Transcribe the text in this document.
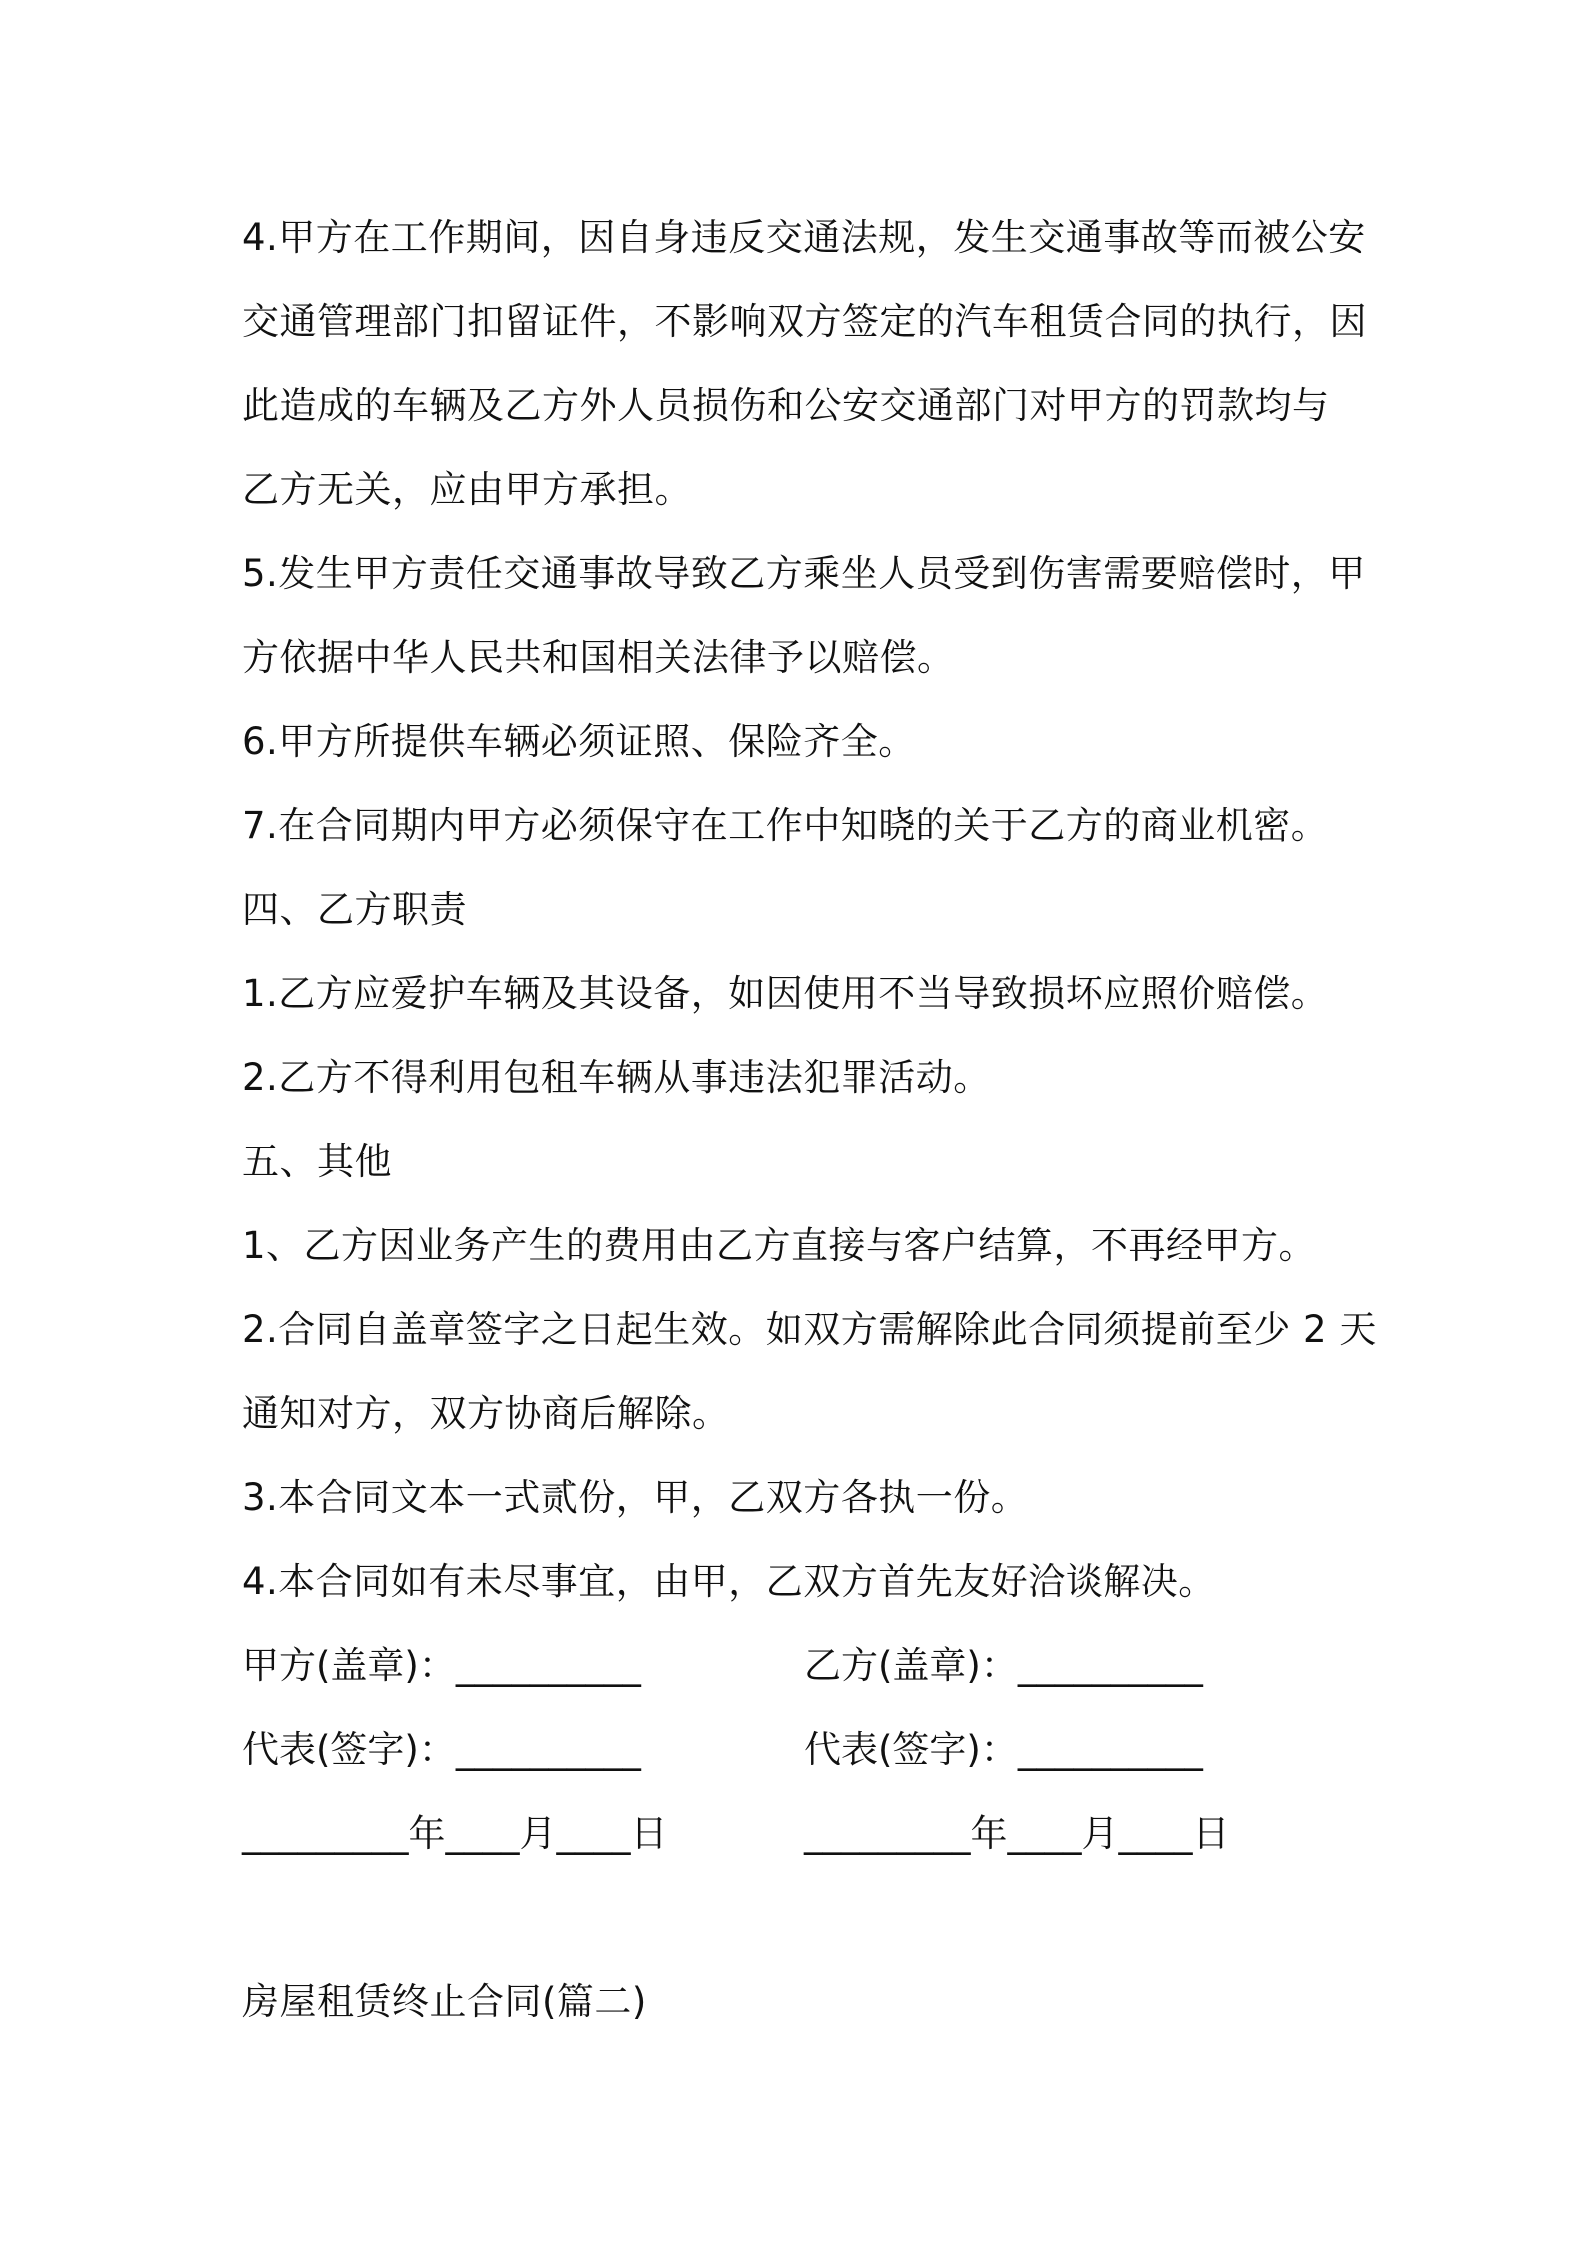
4.甲方在工作期间，因自身违反交通法规，发生交通事故等而被公安
交通管理部门扣留证件，不影响双方签定的汽车租赁合同的执行，因
此造成的车辆及乙方外人员损伤和公安交通部门对甲方的罚款均与
乙方无关，应由甲方承担。
5.发生甲方责任交通事故导致乙方乘坐人员受到伤害需要赔偿时，甲
方依据中华人民共和国相关法律予以赔偿。
6.甲方所提供车辆必须证照、保险齐全。
7.在合同期内甲方必须保守在工作中知晓的关于乙方的商业机密。
四、乙方职责
1.乙方应爱护车辆及其设备，如因使用不当导致损坏应照价赔偿。
2.乙方不得利用包租车辆从事违法犯罪活动。
五、其他
1、乙方因业务产生的费用由乙方直接与客户结算，不再经甲方。
2.合同自盖章签字之日起生效。如双方需解除此合同须提前至少 2 天
通知对方，双方协商后解除。
3.本合同文本一式贰份，甲，乙双方各执一份。
4.本合同如有未尽事宜，由甲，乙双方首先友好洽谈解决。
甲方(盖章)：__________	乙方(盖章)：__________
代表(签字)：__________	代表(签字)：__________
_________年____月____日	_________年____月____日
房屋租赁终止合同(篇二)
